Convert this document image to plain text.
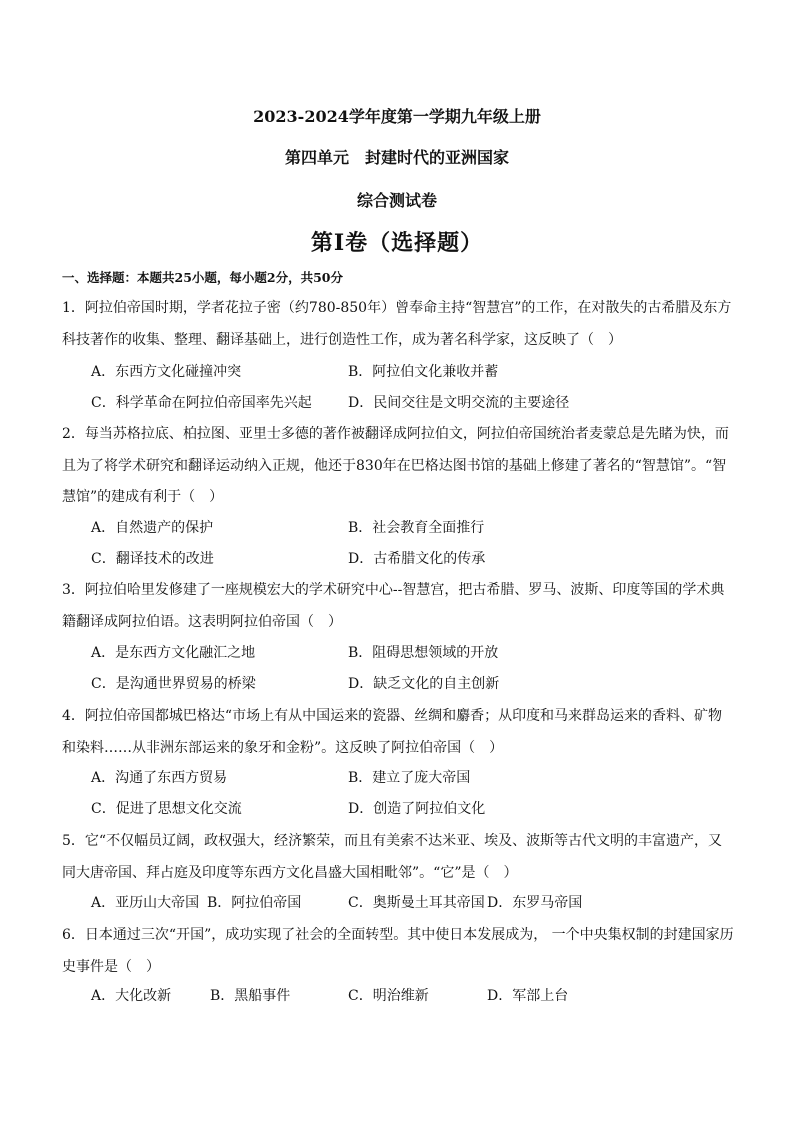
2023-2024学年度第一学期九年级上册
第四单元　封建时代的亚洲国家
综合测试卷
第Ⅰ卷（选择题）
一、选择题：本题共25小题，每小题2分，共50分
1．阿拉伯帝国时期，学者花拉子密（约780-850年）曾奉命主持“智慧宫”的工作，在对散失的古希腊及东方科技著作的收集、整理、翻译基础上，进行创造性工作，成为著名科学家，这反映了（　）
A．东西方文化碰撞冲突	B．阿拉伯文化兼收并蓄
C．科学革命在阿拉伯帝国率先兴起	D．民间交往是文明交流的主要途径
2．每当苏格拉底、柏拉图、亚里士多德的著作被翻译成阿拉伯文，阿拉伯帝国统治者麦蒙总是先睹为快，而且为了将学术研究和翻译运动纳入正规，他还于830年在巴格达图书馆的基础上修建了著名的“智慧馆”。“智慧馆”的建成有利于（　）
A．自然遗产的保护	B．社会教育全面推行
C．翻译技术的改进	D．古希腊文化的传承
3．阿拉伯哈里发修建了一座规模宏大的学术研究中心--智慧宫，把古希腊、罗马、波斯、印度等国的学术典籍翻译成阿拉伯语。这表明阿拉伯帝国（　）
A．是东西方文化融汇之地	B．阻碍思想领域的开放
C．是沟通世界贸易的桥梁	D．缺乏文化的自主创新
4．阿拉伯帝国都城巴格达“市场上有从中国运来的瓷器、丝绸和麝香；从印度和马来群岛运来的香料、矿物和染料……从非洲东部运来的象牙和金粉”。这反映了阿拉伯帝国（　）
A．沟通了东西方贸易	B．建立了庞大帝国
C．促进了思想文化交流	D．创造了阿拉伯文化
5．它“不仅幅员辽阔，政权强大，经济繁荣，而且有美索不达米亚、埃及、波斯等古代文明的丰富遗产，又同大唐帝国、拜占庭及印度等东西方文化昌盛大国相毗邻”。“它”是（　）
A．亚历山大帝国 B．阿拉伯帝国	C．奥斯曼土耳其帝国 D．东罗马帝国
6．日本通过三次“开国”，成功实现了社会的全面转型。其中使日本发展成为， 一个中央集权制的封建国家历史事件是（　）
A．大化改新	B．黑船事件	C．明治维新	D．军部上台
